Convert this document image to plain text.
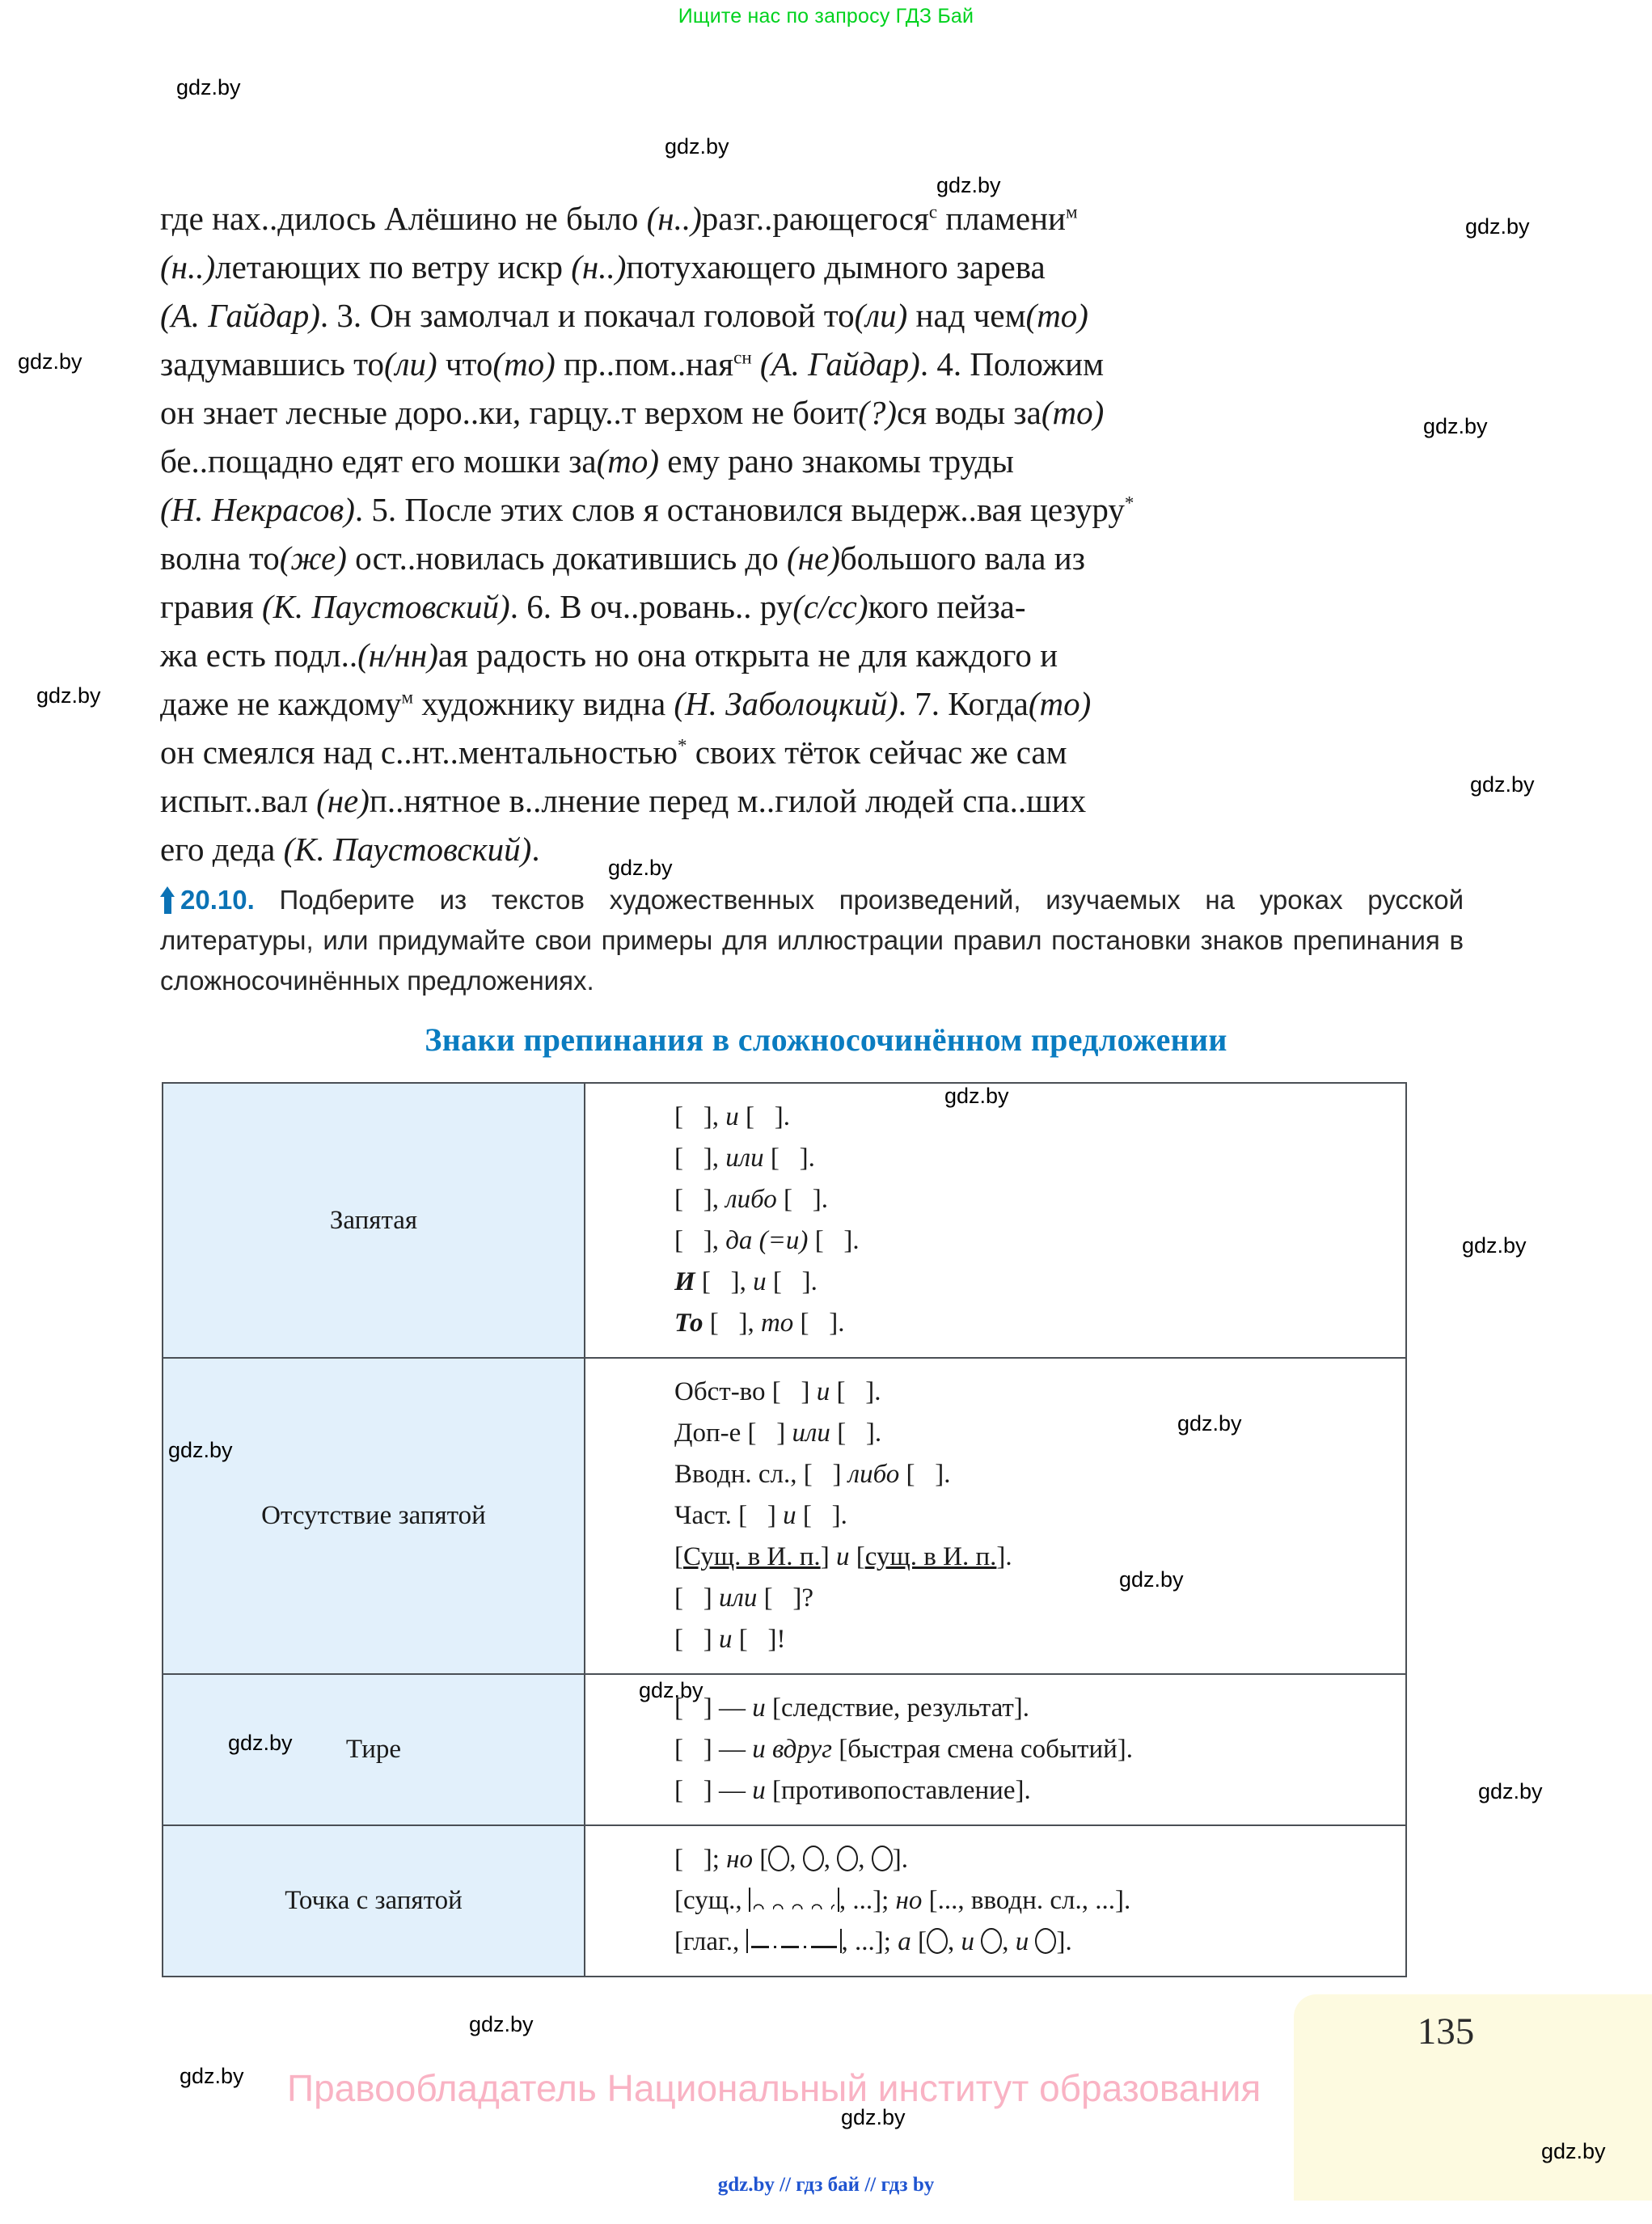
Ищите нас по запросу ГДЗ Бай
где нах..дилось Алёшино не было (н..)разг..рающегося$^с$ пламени$^м$
(н..)летающих по ветру искр (н..)потухающего дымного зарева
(А. Гайдар). 3. Он замолчал и покачал головой то(ли) над чем(то)
задумавшись то(ли) что(то) пр..пом..ная$^{сн}$ (А. Гайдар). 4. Положим
он знает лесные доро..ки, гарцу..т верхом не боит(?)ся воды за(то)
бе..пощадно едят его мошки за(то) ему рано знакомы труды
(Н. Некрасов). 5. После этих слов я остановился выдерж..вая цезуру*
волна то(же) ост..новилась докатившись до (не)большого вала из
гравия (К. Паустовский). 6. В оч..ровань.. ру(с/сс)кого пейза-
жа есть подл..(н/нн)ая радость но она открыта не для каждого и
даже не каждому$^м$ художнику видна (Н. Заболоцкий). 7. Когда(то)
он смеялся над с..нт..ментальностью* своих тёток сейчас же сам
испыт..вал (не)п..нятное в..лнение перед м..гилой людей спа..ших
его деда (К. Паустовский).
20.10. Подберите из текстов художественных произведений, изучаемых на уроках русской литературы, или придумайте свои примеры для иллюстрации правил постановки знаков препинания в сложносочинённых предложениях.
Знаки препинания в сложносочинённом предложении
Запятая	
[   ], и [   ].
[   ], или [   ].
[   ], либо [   ].
[   ], да (=и) [   ].
И [   ], и [   ].
То [   ], то [   ].

Отсутствие запятой	
Обст-во [   ] и [   ].
Доп-е [   ] или [   ].
Вводн. сл., [   ] либо [   ].
Част. [   ] и [   ].
[Сущ. в И. п.] и [сущ. в И. п.].
[   ] или [   ]?
[   ] и [   ]!

Тире	[   ] — и [следствие, результат].
[   ] — и вдруг [быстрая смена событий].
[   ] — и [противопоставление].

Точка с запятой	[   ]; но [ , , , ].
[сущ., , ...]; но [..., вводн. сл., ...].
[глаг., , ...]; а [ , и , и ].
135
Правообладатель Национальный институт образования
gdz.by // гдз бай // гдз by
gdz.by
gdz.by
gdz.by
gdz.by
gdz.by
gdz.by
gdz.by
gdz.by
gdz.by
gdz.by
gdz.by
gdz.by
gdz.by
gdz.by
gdz.by
gdz.by
gdz.by
gdz.by
gdz.by
gdz.by
gdz.by
